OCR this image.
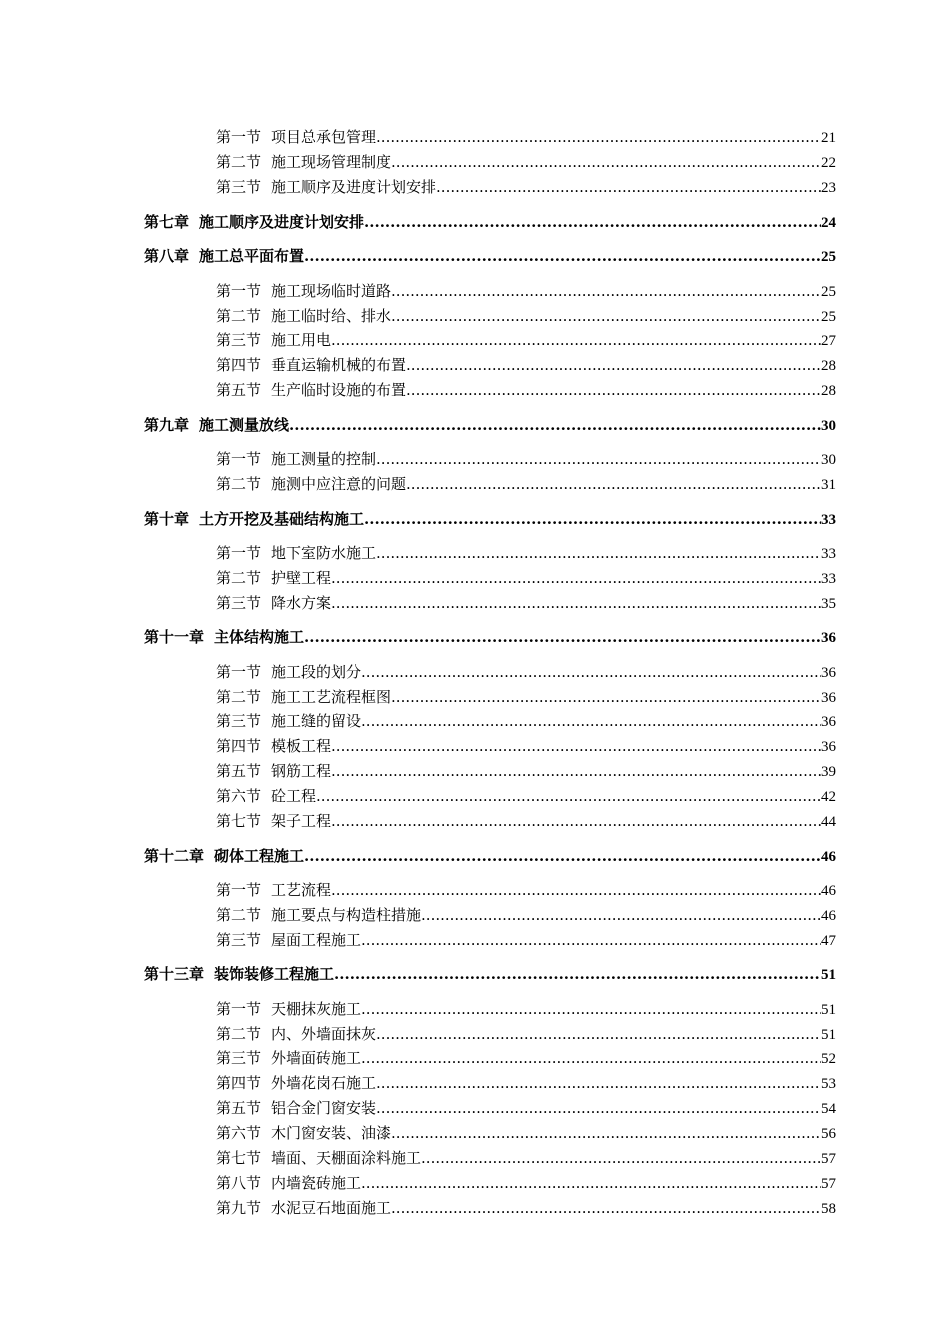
第一节 项目总承包管理 .....	21
第二节 施工现场管理制度 .....	22
第三节 施工顺序及进度计划安排 .....	23
第七章 施工顺序及进度计划安排 .....	24
第八章 施工总平面布置 .....	25
第一节 施工现场临时道路 .....	25
第二节 施工临时给、排水 .....	25
第三节 施工用电 .....	27
第四节 垂直运输机械的布置 .....	28
第五节 生产临时设施的布置 .....	28
第九章 施工测量放线 .....	30
第一节 施工测量的控制 .....	30
第二节 施测中应注意的问题 .....	31
第十章 土方开挖及基础结构施工 .....	33
第一节 地下室防水施工 .....	33
第二节 护壁工程 .....	33
第三节 降水方案 .....	35
第十一章 主体结构施工 .....	36
第一节 施工段的划分 .....	36
第二节 施工工艺流程框图 .....	36
第三节 施工缝的留设 .....	36
第四节 模板工程 .....	36
第五节 钢筋工程 .....	39
第六节 砼工程 .....	42
第七节 架子工程 .....	44
第十二章 砌体工程施工 .....	46
第一节 工艺流程 .....	46
第二节 施工要点与构造柱措施 .....	46
第三节 屋面工程施工 .....	47
第十三章 装饰装修工程施工 .....	51
第一节 天棚抹灰施工 .....	51
第二节 内、外墙面抹灰 .....	51
第三节 外墙面砖施工 .....	52
第四节 外墙花岗石施工 .....	53
第五节 铝合金门窗安装 .....	54
第六节 木门窗安装、油漆 .....	56
第七节 墙面、天棚面涂料施工 .....	57
第八节 内墙瓷砖施工 .....	57
第九节 水泥豆石地面施工 .....	58
